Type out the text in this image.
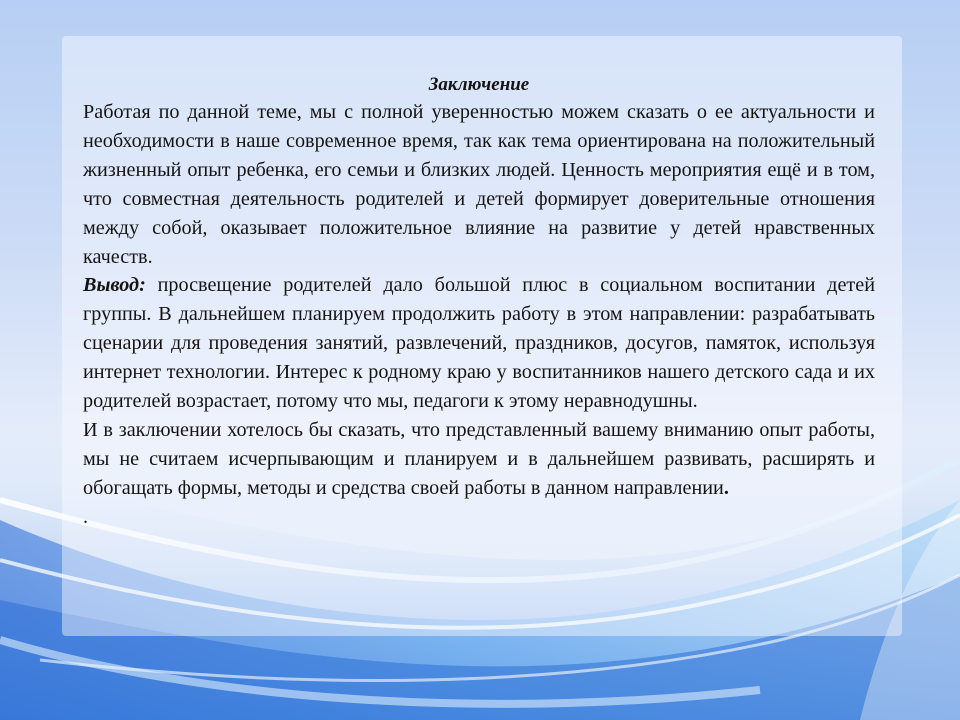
Заключение

Работая по данной теме, мы с полной уверенностью можем сказать о ее актуальности и необходимости в наше современное время, так как тема ориентирована на положительный жизненный опыт ребенка, его семьи и близких людей. Ценность мероприятия ещё и в том, что совместная деятельность родителей и детей формирует доверительные отношения между собой, оказывает положительное влияние на развитие у детей нравственных качеств.

Вывод: просвещение родителей дало большой плюс в социальном воспитании детей группы. В дальнейшем планируем продолжить работу в этом направлении: разрабатывать сценарии для проведения занятий, развлечений, праздников, досугов, памяток, используя интернет технологии. Интерес к родному краю у воспитанников нашего детского сада и их родителей возрастает, потому что мы, педагоги к этому неравнодушны.

И в заключении хотелось бы сказать, что представленный вашему вниманию опыт работы, мы не считаем исчерпывающим и планируем и в дальнейшем развивать, расширять и обогащать формы, методы и средства своей работы в данном направлении.

.
